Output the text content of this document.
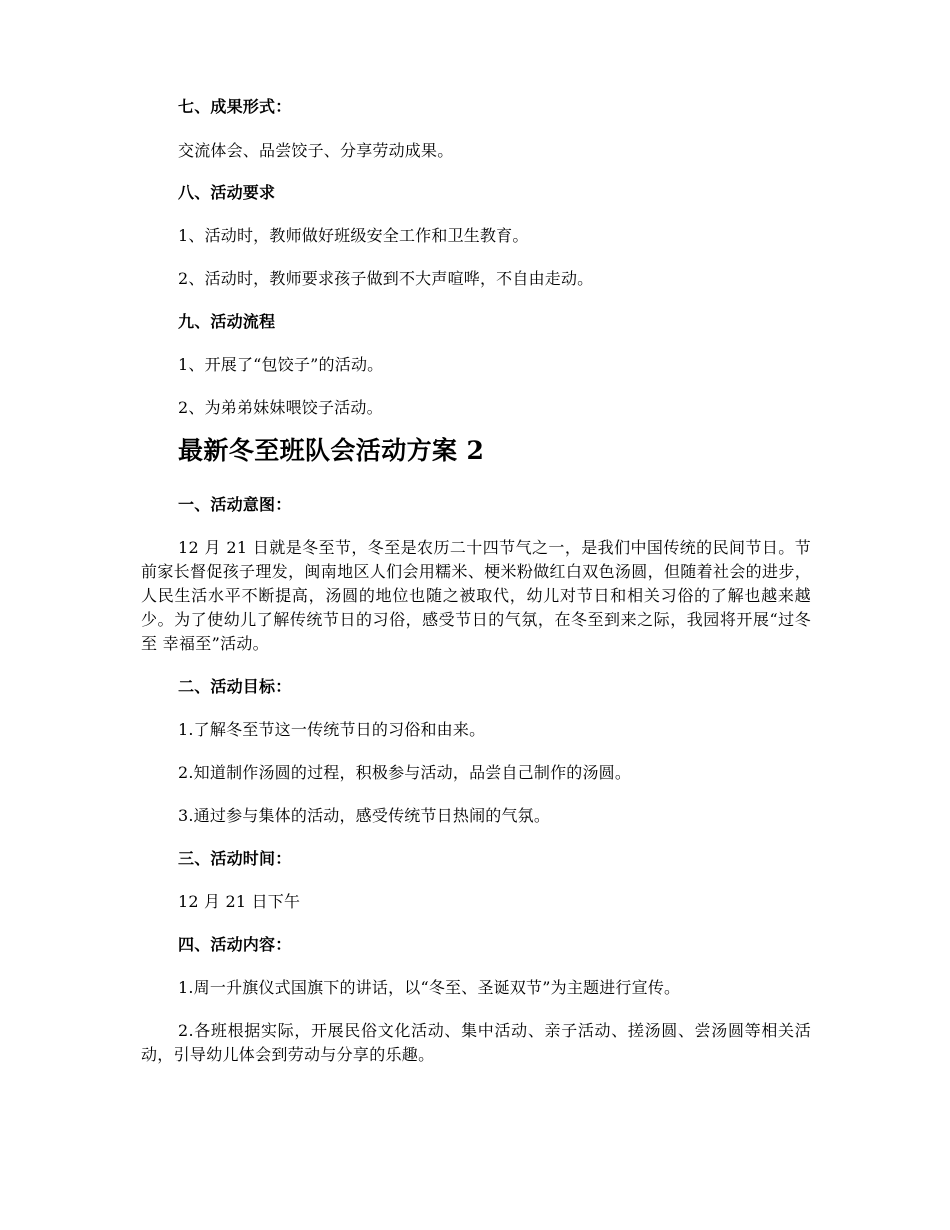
七、成果形式：

交流体会、品尝饺子、分享劳动成果。

八、活动要求

1、活动时，教师做好班级安全工作和卫生教育。

2、活动时，教师要求孩子做到不大声喧哗，不自由走动。

九、活动流程

1、开展了“包饺子”的活动。

2、为弟弟妹妹喂饺子活动。

最新冬至班队会活动方案 2

一、活动意图：

12 月 21 日就是冬至节，冬至是农历二十四节气之一，是我们中国传统的民间节日。节前家长督促孩子理发，闽南地区人们会用糯米、梗米粉做红白双色汤圆，但随着社会的进步，人民生活水平不断提高，汤圆的地位也随之被取代，幼儿对节日和相关习俗的了解也越来越少。为了使幼儿了解传统节日的习俗，感受节日的气氛，在冬至到来之际，我园将开展“过冬至 幸福至”活动。

二、活动目标：

1.了解冬至节这一传统节日的习俗和由来。

2.知道制作汤圆的过程，积极参与活动，品尝自己制作的汤圆。

3.通过参与集体的活动，感受传统节日热闹的气氛。

三、活动时间：

12 月 21 日下午

四、活动内容：

1.周一升旗仪式国旗下的讲话，以“冬至、圣诞双节”为主题进行宣传。

2.各班根据实际，开展民俗文化活动、集中活动、亲子活动、搓汤圆、尝汤圆等相关活动，引导幼儿体会到劳动与分享的乐趣。
